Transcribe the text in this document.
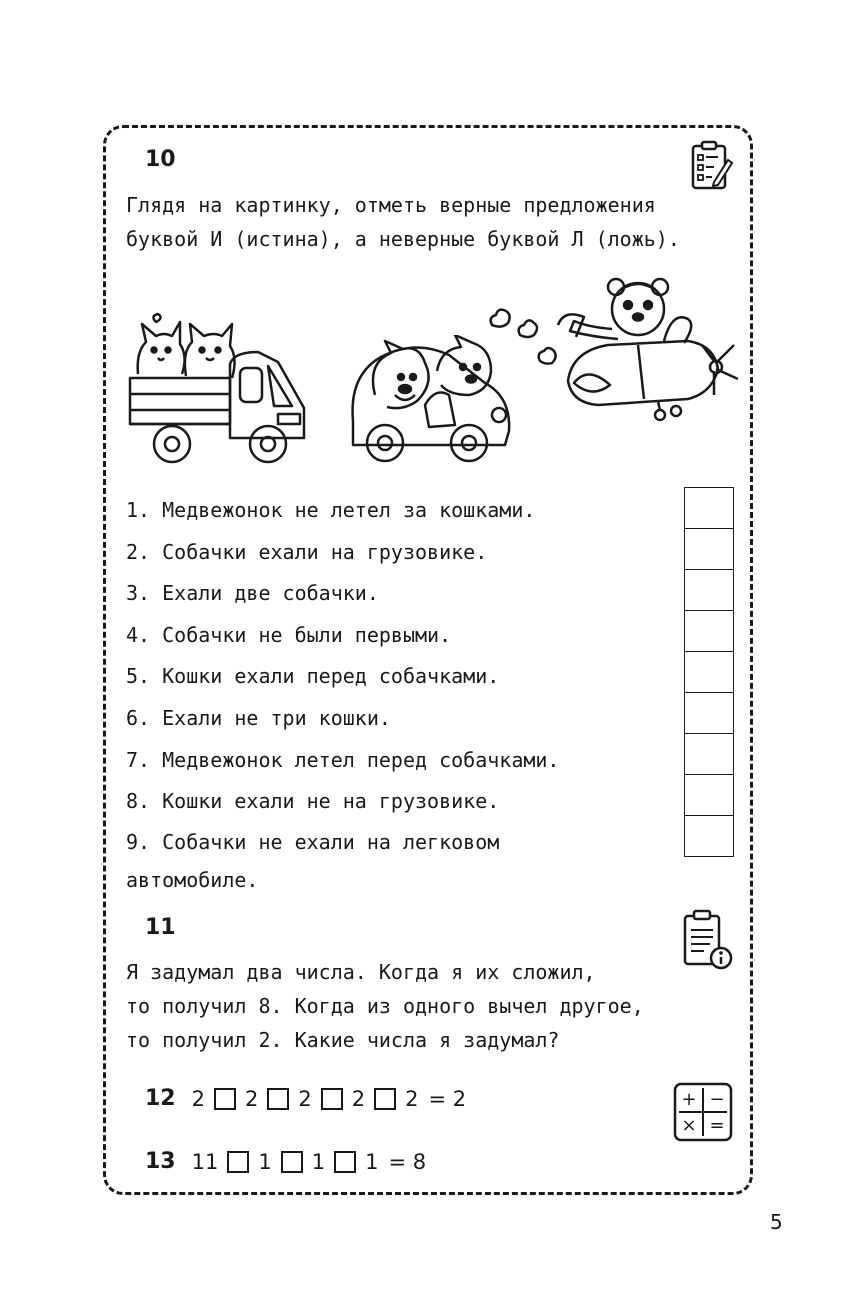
10
Глядя на картинку, отметь верные предложения
буквой И (истина), а неверные буквой Л (ложь).
1. Медвежонок не летел за кошками.
2. Собачки ехали на грузовике.
3. Ехали две собачки.
4. Собачки не были первыми.
5. Кошки ехали перед собачками.
6. Ехали не три кошки.
7. Медвежонок летел перед собачками.
8. Кошки ехали не на грузовике.
9. Собачки не ехали на легковом автомобиле.
11
Я задумал два числа. Когда я их сложил,
то получил 8. Когда из одного вычел другое,
то получил 2. Какие числа я задумал?
12 2 2 2 2 2 = 2
13 11 1 1 1 = 8
+ −
× =
5
